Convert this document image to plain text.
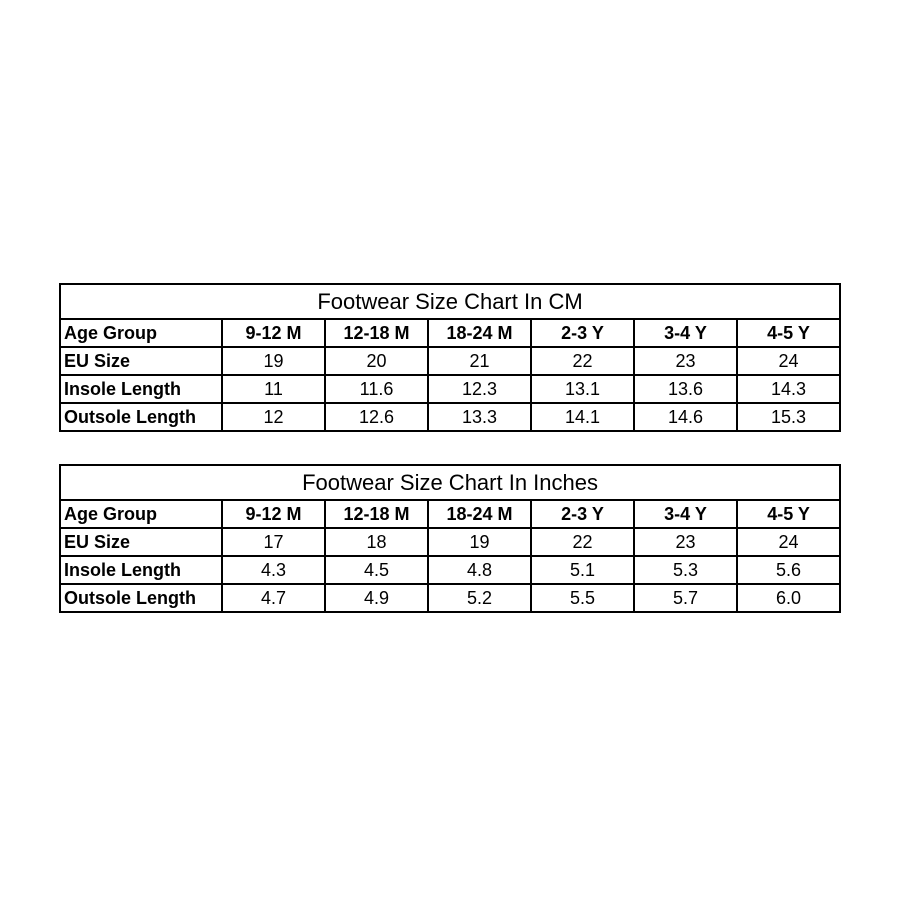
Footwear Size Chart In CM						
Age Group	9-12 M	12-18 M	18-24 M	2-3 Y	3-4 Y	4-5 Y
EU Size	19	20	21	22	23	24
Insole Length	11	11.6	12.3	13.1	13.6	14.3
Outsole Length	12	12.6	13.3	14.1	14.6	15.3
Footwear Size Chart In Inches						
Age Group	9-12 M	12-18 M	18-24 M	2-3 Y	3-4 Y	4-5 Y
EU Size	17	18	19	22	23	24
Insole Length	4.3	4.5	4.8	5.1	5.3	5.6
Outsole Length	4.7	4.9	5.2	5.5	5.7	6.0
